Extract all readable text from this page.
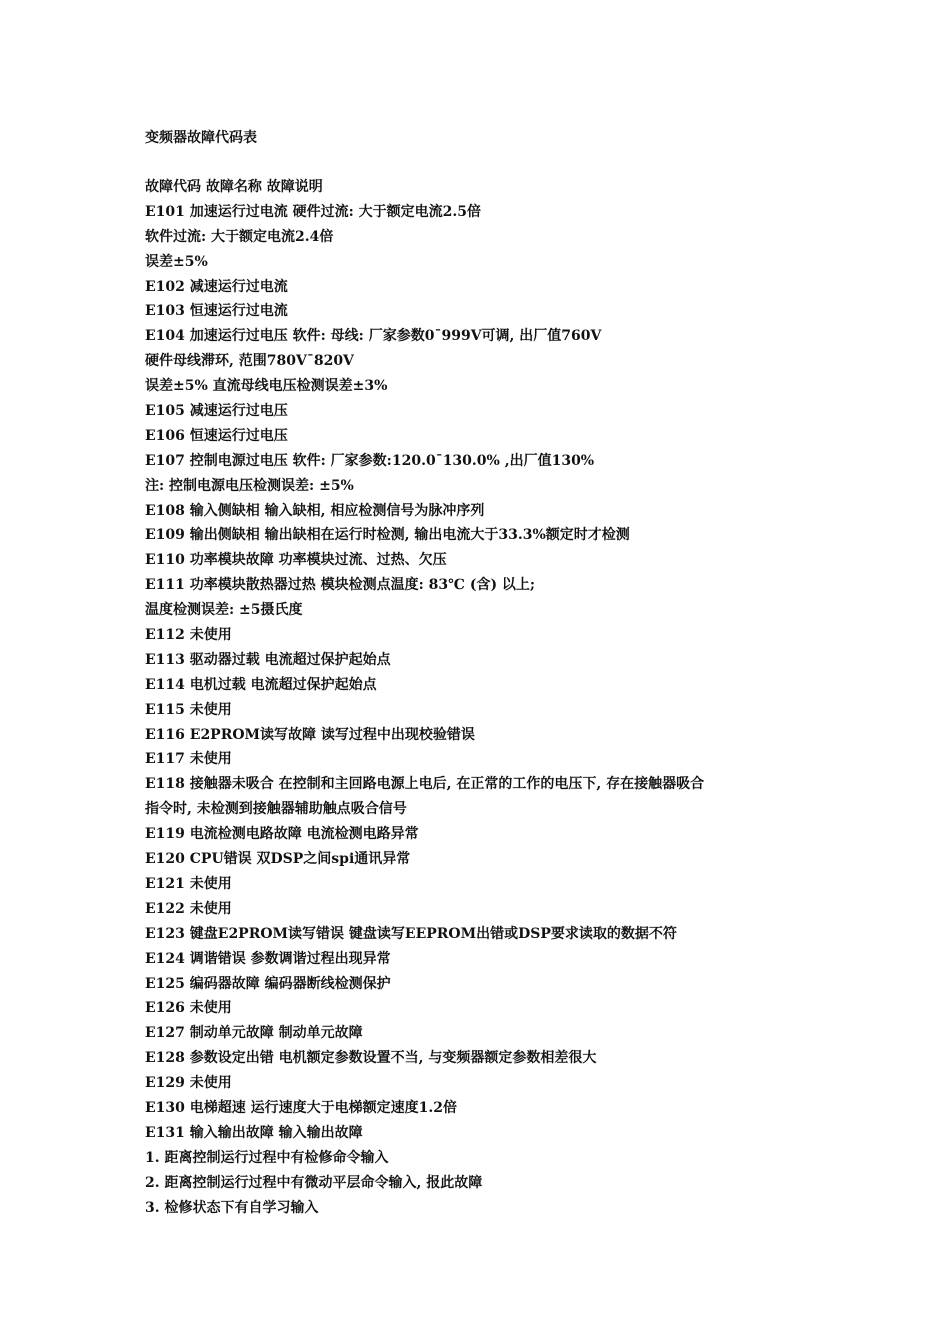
变频器故障代码表
故障代码 故障名称 故障说明
E101 加速运行过电流 硬件过流: 大于额定电流2.5倍
软件过流: 大于额定电流2.4倍
误差±5%
E102 减速运行过电流
E103 恒速运行过电流
E104 加速运行过电压 软件: 母线: 厂家参数0¯999V可调, 出厂值760V
硬件母线滞环, 范围780V¯820V
误差±5% 直流母线电压检测误差±3%
E105 减速运行过电压
E106 恒速运行过电压
E107 控制电源过电压 软件: 厂家参数:120.0¯130.0% ,出厂值130%
注: 控制电源电压检测误差: ±5%
E108 输入侧缺相 输入缺相, 相应检测信号为脉冲序列
E109 输出侧缺相 输出缺相在运行时检测, 输出电流大于33.3%额定时才检测
E110 功率模块故障 功率模块过流、过热、欠压
E111 功率模块散热器过热 模块检测点温度: 83℃ (含) 以上;
温度检测误差: ±5摄氏度
E112 未使用
E113 驱动器过载 电流超过保护起始点
E114 电机过载 电流超过保护起始点
E115 未使用
E116 E2PROM读写故障 读写过程中出现校验错误
E117 未使用
E118 接触器未吸合 在控制和主回路电源上电后, 在正常的工作的电压下, 存在接触器吸合
指令时, 未检测到接触器辅助触点吸合信号
E119 电流检测电路故障 电流检测电路异常
E120 CPU错误 双DSP之间spi通讯异常
E121 未使用
E122 未使用
E123 键盘E2PROM读写错误 键盘读写EEPROM出错或DSP要求读取的数据不符
E124 调谐错误 参数调谐过程出现异常
E125 编码器故障 编码器断线检测保护
E126 未使用
E127 制动单元故障 制动单元故障
E128 参数设定出错 电机额定参数设置不当, 与变频器额定参数相差很大
E129 未使用
E130 电梯超速 运行速度大于电梯额定速度1.2倍
E131 输入输出故障 输入输出故障
1. 距离控制运行过程中有检修命令输入
2. 距离控制运行过程中有微动平层命令输入, 报此故障
3. 检修状态下有自学习输入
